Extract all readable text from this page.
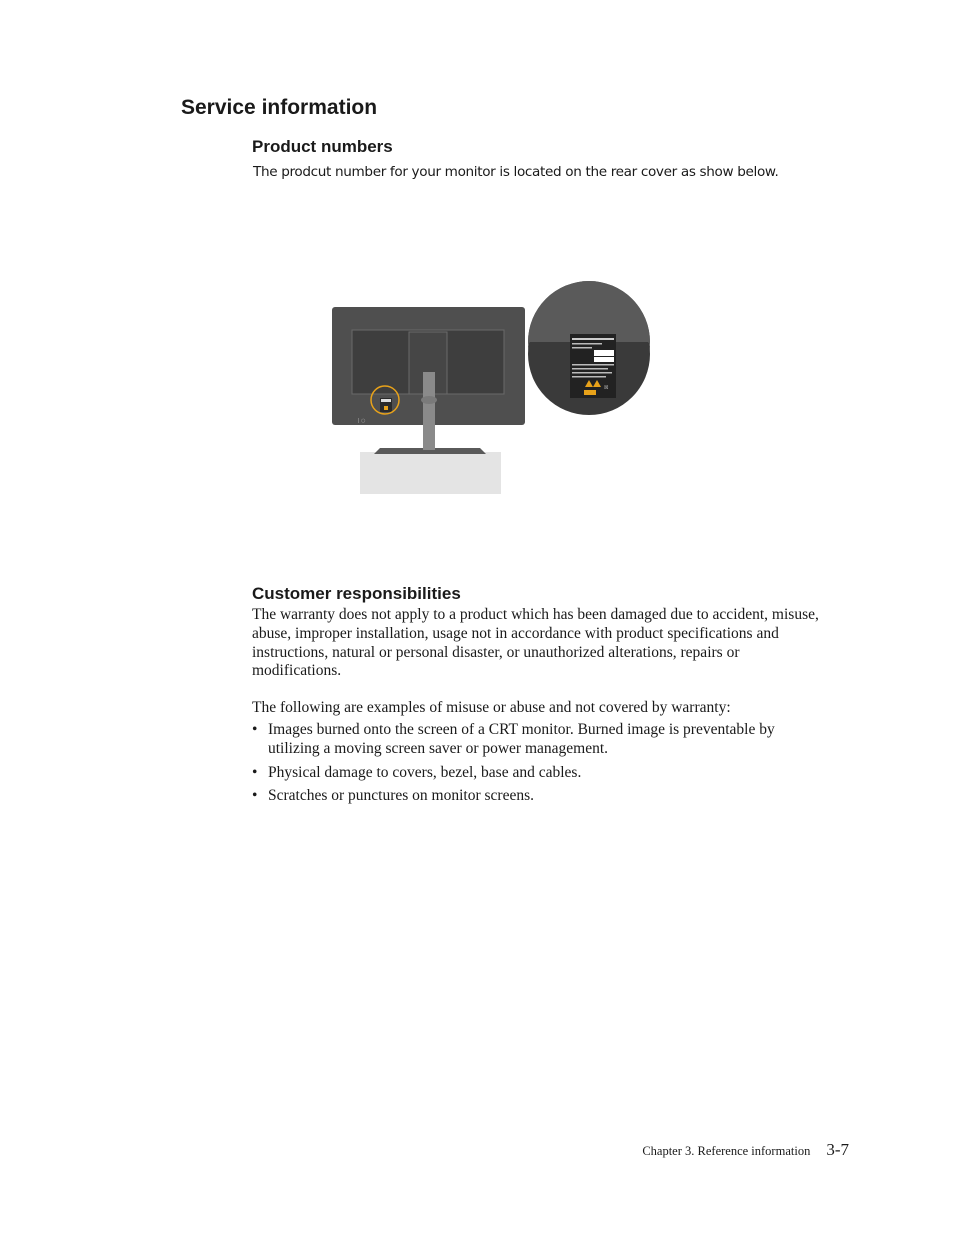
Service information
Product numbers

The prodcut number for your monitor is located on the rear cover as show below.

ǀ ○
☒
Customer responsibilities

The warranty does not apply to a product which has been damaged due to accident, misuse, abuse, improper installation, usage not in accordance with product specifications and instructions, natural or personal disaster, or unauthorized alterations, repairs or modifications.

The following are examples of misuse or abuse and not covered by warranty:

• Images burned onto the screen of a CRT monitor. Burned image is preventable by utilizing a moving screen saver or power management.
• Physical damage to covers, bezel, base and cables.
• Scratches or punctures on monitor screens.
Chapter 3. Reference information 3-7
